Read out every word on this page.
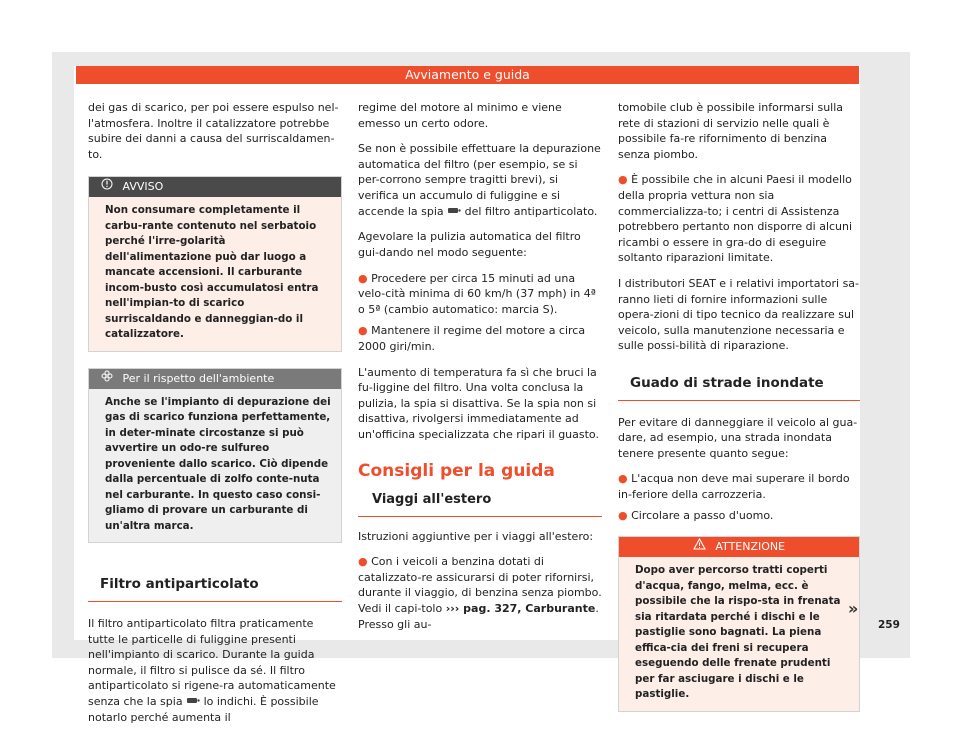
Avviamento e guida

dei gas di scarico, per poi essere espulso nel-l'atmosfera. Inoltre il catalizzatore potrebbe subire dei danni a causa del surriscaldamen-to.

AVVISO
Non consumare completamente il carbu-rante contenuto nel serbatoio perché l'irre-golarità dell'alimentazione può dar luogo a mancate accensioni. Il carburante incom-busto così accumulatosi entra nell'impian-to di scarico surriscaldando e danneggian-do il catalizzatore.
Per il rispetto dell'ambiente
Anche se l'impianto di depurazione dei gas di scarico funziona perfettamente, in deter-minate circostanze si può avvertire un odo-re sulfureo proveniente dallo scarico. Ciò dipende dalla percentuale di zolfo conte-nuta nel carburante. In questo caso consi-gliamo di provare un carburante di un'altra marca.
Filtro antiparticolato

Il filtro antiparticolato filtra praticamente tutte le particelle di fuliggine presenti nell'impianto di scarico. Durante la guida normale, il filtro si pulisce da sé. Il filtro antiparticolato si rigene-ra automaticamente senza che la spia lo indichi. È possibile notarlo perché aumenta il

regime del motore al minimo e viene emesso un certo odore.

Se non è possibile effettuare la depurazione automatica del filtro (per esempio, se si per-corrono sempre tragitti brevi), si verifica un accumulo di fuliggine e si accende la spia del filtro antiparticolato.

Agevolare la pulizia automatica del filtro gui-dando nel modo seguente:

● Procedere per circa 15 minuti ad una velo-cità minima di 60 km/h (37 mph) in 4ª o 5ª (cambio automatico: marcia S).

● Mantenere il regime del motore a circa 2000 giri/min.

L'aumento di temperatura fa sì che bruci la fu-liggine del filtro. Una volta conclusa la pulizia, la spia si disattiva. Se la spia non si disattiva, rivolgersi immediatamente ad un'officina specializzata che ripari il guasto.

Consigli per la guida
Viaggi all'estero

Istruzioni aggiuntive per i viaggi all'estero:

● Con i veicoli a benzina dotati di catalizzato-re assicurarsi di poter rifornirsi, durante il viaggio, di benzina senza piombo. Vedi il capi-tolo ››› pag. 327, Carburante. Presso gli au-

tomobile club è possibile informarsi sulla rete di stazioni di servizio nelle quali è possibile fa-re rifornimento di benzina senza piombo.

● È possibile che in alcuni Paesi il modello della propria vettura non sia commercializza-to; i centri di Assistenza potrebbero pertanto non disporre di alcuni ricambi o essere in gra-do di eseguire soltanto riparazioni limitate.

I distributori SEAT e i relativi importatori sa-ranno lieti di fornire informazioni sulle opera-zioni di tipo tecnico da realizzare sul veicolo, sulla manutenzione necessaria e sulle possi-bilità di riparazione.

Guado di strade inondate

Per evitare di danneggiare il veicolo al gua-dare, ad esempio, una strada inondata tenere presente quanto segue:

● L'acqua non deve mai superare il bordo in-feriore della carrozzeria.

● Circolare a passo d'uomo.

ATTENZIONE
Dopo aver percorso tratti coperti d'acqua, fango, melma, ecc. è possibile che la rispo-sta in frenata sia ritardata perché i dischi e le pastiglie sono bagnati. La piena effica-cia dei freni si recupera eseguendo delle frenate prudenti per far asciugare i dischi e le pastiglie.
»
259
